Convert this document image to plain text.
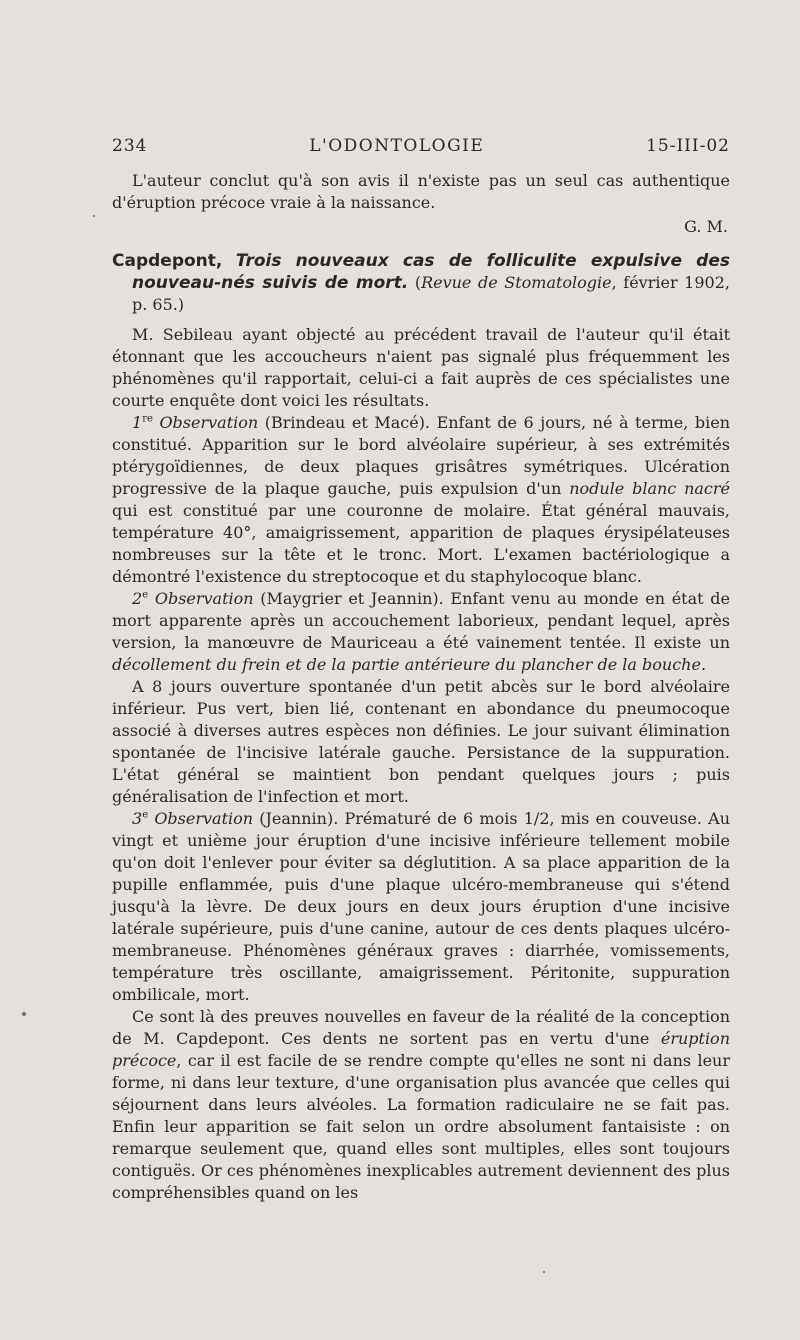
234	L'ODONTOLOGIE	15-III-02

L'auteur conclut qu'à son avis il n'existe pas un seul cas authentique d'éruption précoce vraie à la naissance.

G. M.

Capdepont, Trois nouveaux cas de folliculite expulsive des nouveau-nés suivis de mort. (Revue de Stomatologie, février 1902, p. 65.)

M. Sebileau ayant objecté au précédent travail de l'auteur qu'il était étonnant que les accoucheurs n'aient pas signalé plus fréquemment les phénomènes qu'il rapportait, celui-ci a fait auprès de ces spécialistes une courte enquête dont voici les résultats.

1re Observation (Brindeau et Macé). Enfant de 6 jours, né à terme, bien constitué. Apparition sur le bord alvéolaire supérieur, à ses extrémités ptérygoïdiennes, de deux plaques grisâtres symétriques. Ulcération progressive de la plaque gauche, puis expulsion d'un nodule blanc nacré qui est constitué par une couronne de molaire. État général mauvais, température 40°, amaigrissement, apparition de plaques érysipélateuses nombreuses sur la tête et le tronc. Mort. L'examen bactériologique a démontré l'existence du streptocoque et du staphylocoque blanc.

2e Observation (Maygrier et Jeannin). Enfant venu au monde en état de mort apparente après un accouchement laborieux, pendant lequel, après version, la manœuvre de Mauriceau a été vainement tentée. Il existe un décollement du frein et de la partie antérieure du plancher de la bouche.

A 8 jours ouverture spontanée d'un petit abcès sur le bord alvéolaire inférieur. Pus vert, bien lié, contenant en abondance du pneumocoque associé à diverses autres espèces non définies. Le jour suivant élimination spontanée de l'incisive latérale gauche. Persistance de la suppuration. L'état général se maintient bon pendant quelques jours ; puis généralisation de l'infection et mort.

3e Observation (Jeannin). Prématuré de 6 mois 1/2, mis en couveuse. Au vingt et unième jour éruption d'une incisive inférieure tellement mobile qu'on doit l'enlever pour éviter sa déglutition. A sa place apparition de la pupille enflammée, puis d'une plaque ulcéro-membraneuse qui s'étend jusqu'à la lèvre. De deux jours en deux jours éruption d'une incisive latérale supérieure, puis d'une canine, autour de ces dents plaques ulcéro-membraneuse. Phénomènes généraux graves : diarrhée, vomissements, température très oscillante, amaigrissement. Péritonite, suppuration ombilicale, mort.

Ce sont là des preuves nouvelles en faveur de la réalité de la conception de M. Capdepont. Ces dents ne sortent pas en vertu d'une éruption précoce, car il est facile de se rendre compte qu'elles ne sont ni dans leur forme, ni dans leur texture, d'une organisation plus avancée que celles qui séjournent dans leurs alvéoles. La formation radiculaire ne se fait pas. Enfin leur apparition se fait selon un ordre absolument fantaisiste : on remarque seulement que, quand elles sont multiples, elles sont toujours contiguës. Or ces phénomènes inexplicables autrement deviennent des plus compréhensibles quand on les
